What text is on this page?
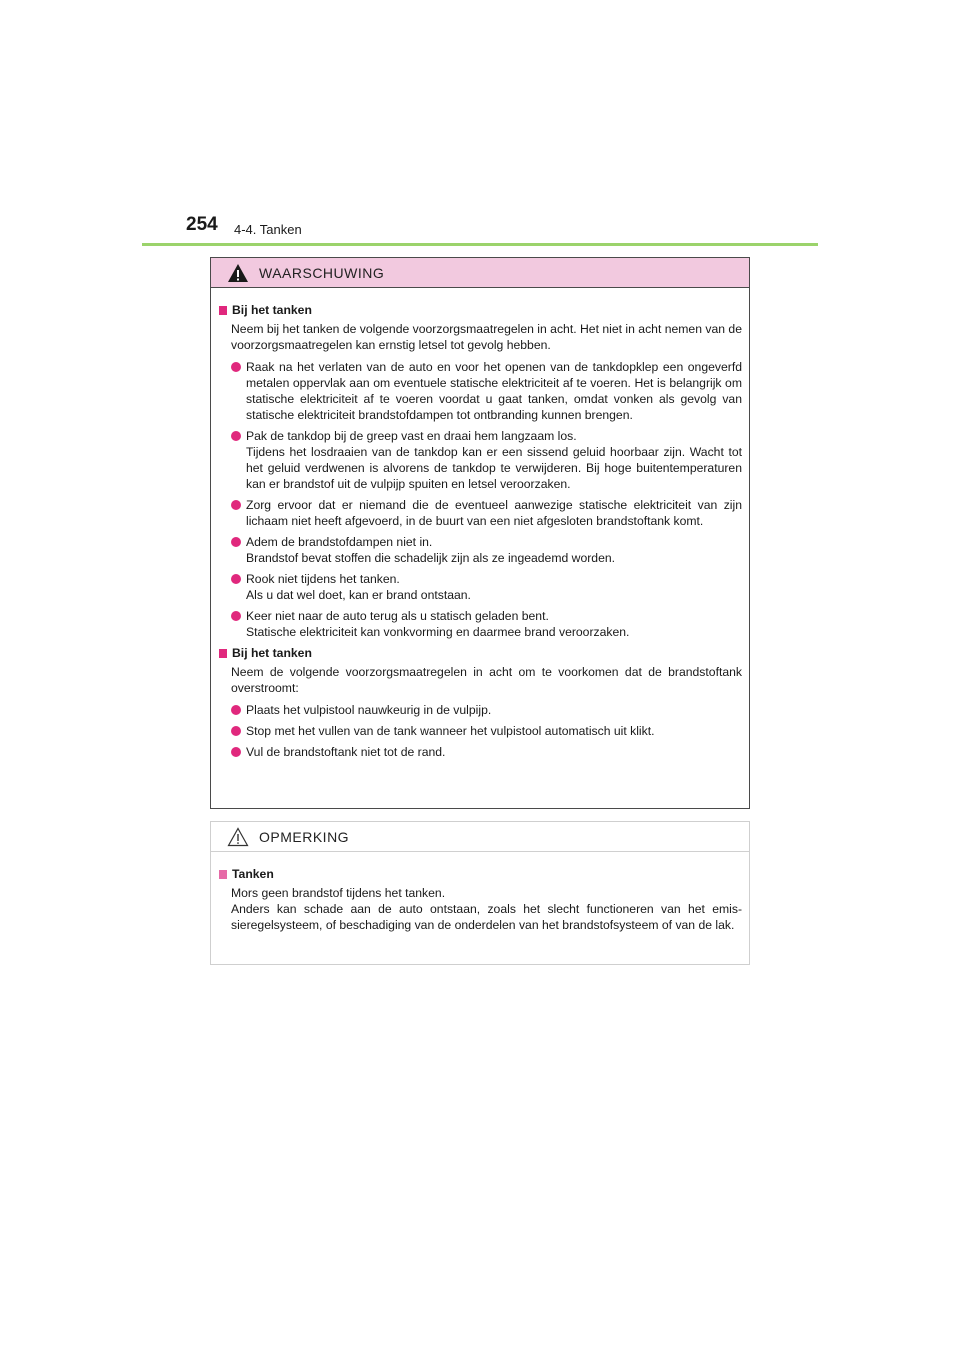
254 4-4. Tanken
WAARSCHUWING
Bij het tanken
Neem bij het tanken de volgende voorzorgsmaatregelen in acht. Het niet in acht nemen van de voorzorgsmaatregelen kan ernstig letsel tot gevolg hebben.
Raak na het verlaten van de auto en voor het openen van de tankdopklep een ongeverfd metalen oppervlak aan om eventuele statische elektriciteit af te voeren. Het is belangrijk om statische elektriciteit af te voeren voordat u gaat tanken, omdat vonken als gevolg van statische elektriciteit brandstofdampen tot ontbranding kunnen brengen.
Pak de tankdop bij de greep vast en draai hem langzaam los.
Tijdens het losdraaien van de tankdop kan er een sissend geluid hoorbaar zijn. Wacht tot het geluid verdwenen is alvorens de tankdop te verwijderen. Bij hoge buitentemperaturen kan er brandstof uit de vulpijp spuiten en letsel veroorzaken.
Zorg ervoor dat er niemand die de eventueel aanwezige statische elektriciteit van zijn lichaam niet heeft afgevoerd, in de buurt van een niet afgesloten brandstoftank komt.
Adem de brandstofdampen niet in.
Brandstof bevat stoffen die schadelijk zijn als ze ingeademd worden.
Rook niet tijdens het tanken.
Als u dat wel doet, kan er brand ontstaan.
Keer niet naar de auto terug als u statisch geladen bent.
Statische elektriciteit kan vonkvorming en daarmee brand veroorzaken.
Bij het tanken
Neem de volgende voorzorgsmaatregelen in acht om te voorkomen dat de brandstoftank overstroomt:
Plaats het vulpistool nauwkeurig in de vulpijp.
Stop met het vullen van de tank wanneer het vulpistool automatisch uit klikt.
Vul de brandstoftank niet tot de rand.
OPMERKING
Tanken
Mors geen brandstof tijdens het tanken.
Anders kan schade aan de auto ontstaan, zoals het slecht functioneren van het emissieregelsysteem, of beschadiging van de onderdelen van het brandstofsysteem of van de lak.
